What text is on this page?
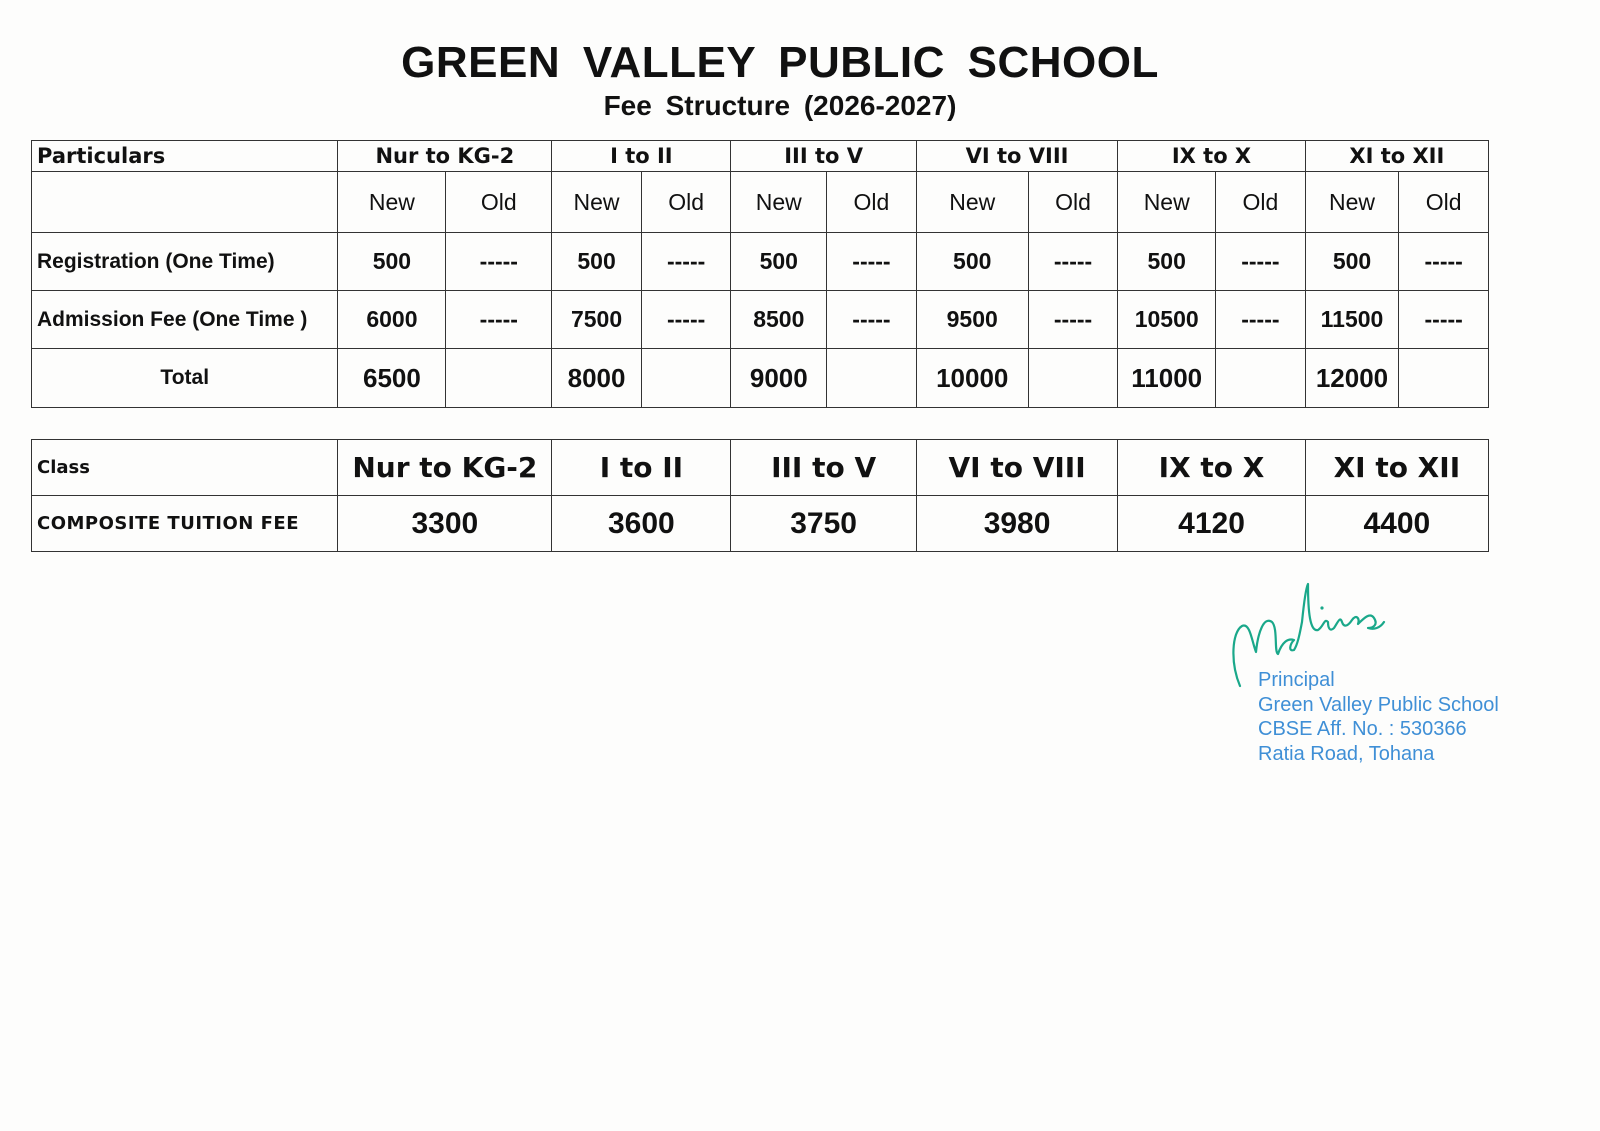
GREEN VALLEY PUBLIC SCHOOL
Fee Structure (2026-2027)
Particulars	Nur to KG-2		I to II		III to V		VI to VIII		IX to X		XI to XII	
	New	Old	New	Old	New	Old	New	Old	New	Old	New	Old
Registration (One Time)	500	-----	500	-----	500	-----	500	-----	500	-----	500	-----
Admission Fee (One Time )	6000	-----	7500	-----	8500	-----	9500	-----	10500	-----	11500	-----
Total	6500		8000		9000		10000		11000		12000	
Class	Nur to KG-2	I to II	III to V	VI to VIII	IX to X	XI to XII
COMPOSITE TUITION FEE	3300	3600	3750	3980	4120	4400
Principal
Green Valley Public School
CBSE Aff. No. : 530366
Ratia Road, Tohana
